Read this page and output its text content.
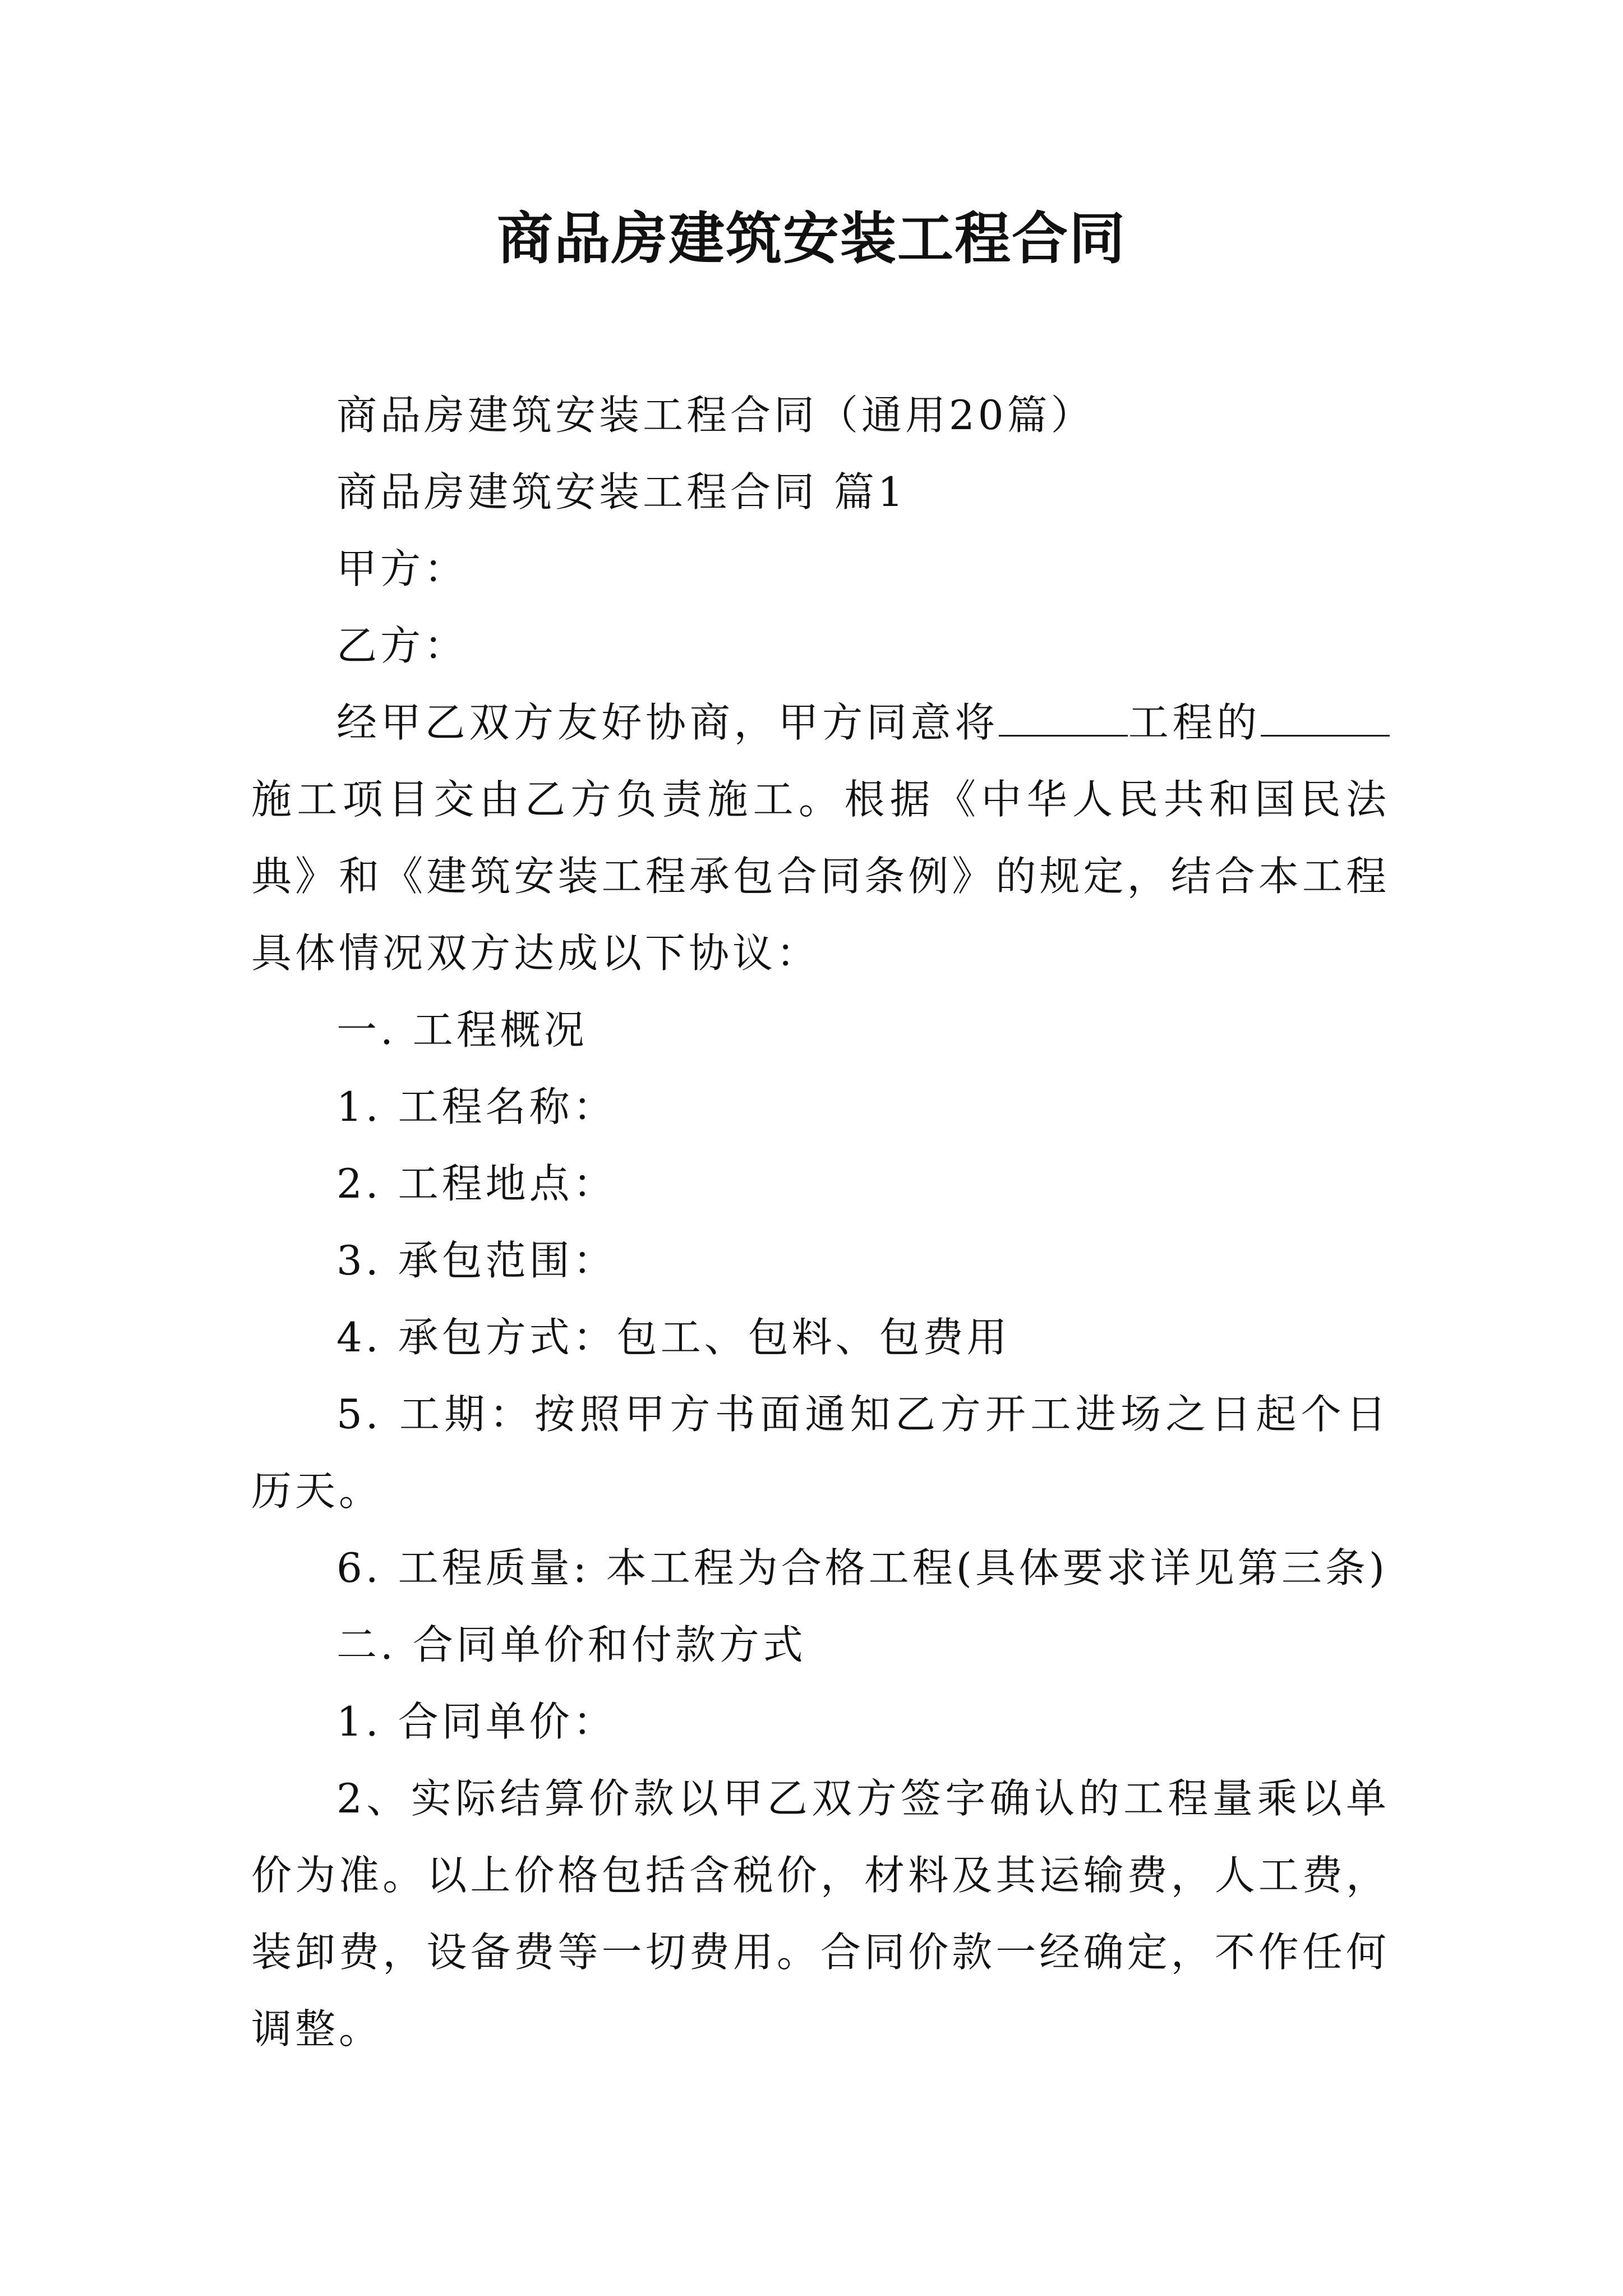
商品房建筑安装工程合同

商品房建筑安装工程合同（通用20篇）

商品房建筑安装工程合同 篇1

甲方：

乙方：

经甲乙双方友好协商，甲方同意将	工程的施工项目交由乙方负责施工。根据《中华人民共和国民法典》和《建筑安装工程承包合同条例》的规定，结合本工程具体情况双方达成以下协议：

一. 工程概况

1. 工程名称：

2. 工程地点：

3. 承包范围：

4. 承包方式：包工、包料、包费用

5. 工期：按照甲方书面通知乙方开工进场之日起个日历天。

6. 工程质量: 本工程为合格工程(具体要求详见第三条)

二. 合同单价和付款方式

1. 合同单价：

2、实际结算价款以甲乙双方签字确认的工程量乘以单价为准。以上价格包括含税价，材料及其运输费，人工费，装卸费，设备费等一切费用。合同价款一经确定，不作任何调整。
